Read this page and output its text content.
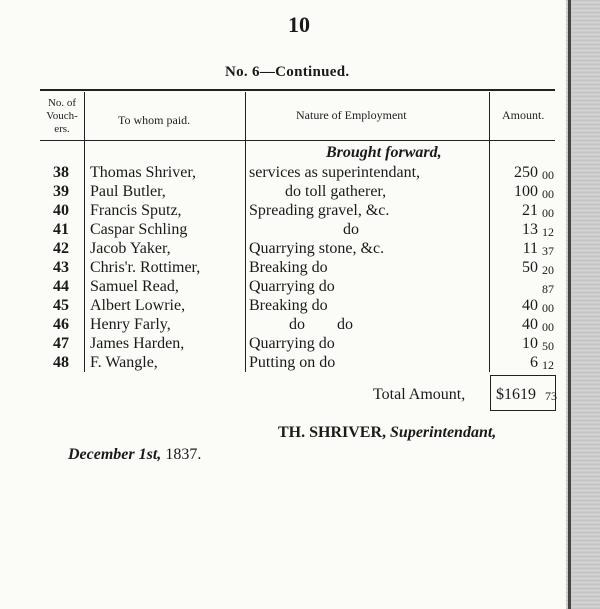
10
No. 6—Continued.
No. of
Vouch-
ers.
To whom paid.	Nature of Employment	Amount.
Brought forward,
38 Thomas Shriver,	services as superintendant,	250 00
39 Paul Butler,	do toll gatherer,	100 00
40 Francis Sputz,	Spreading gravel, &c.	21 00
41 Caspar Schling	do	13 12
42 Jacob Yaker,	Quarrying stone, &c.	11 37
43 Chris'r. Rottimer,	Breaking do	50 20
44 Samuel Read,	Quarrying do	87
45 Albert Lowrie,	Breaking do	40 00
46 Henry Farly,	do do	40 00
47 James Harden,	Quarrying do	10 50
48 F. Wangle,	Putting on do	6 12
Total Amount, $1619 73
TH. SHRIVER, Superintendant,
December 1st, 1837.
